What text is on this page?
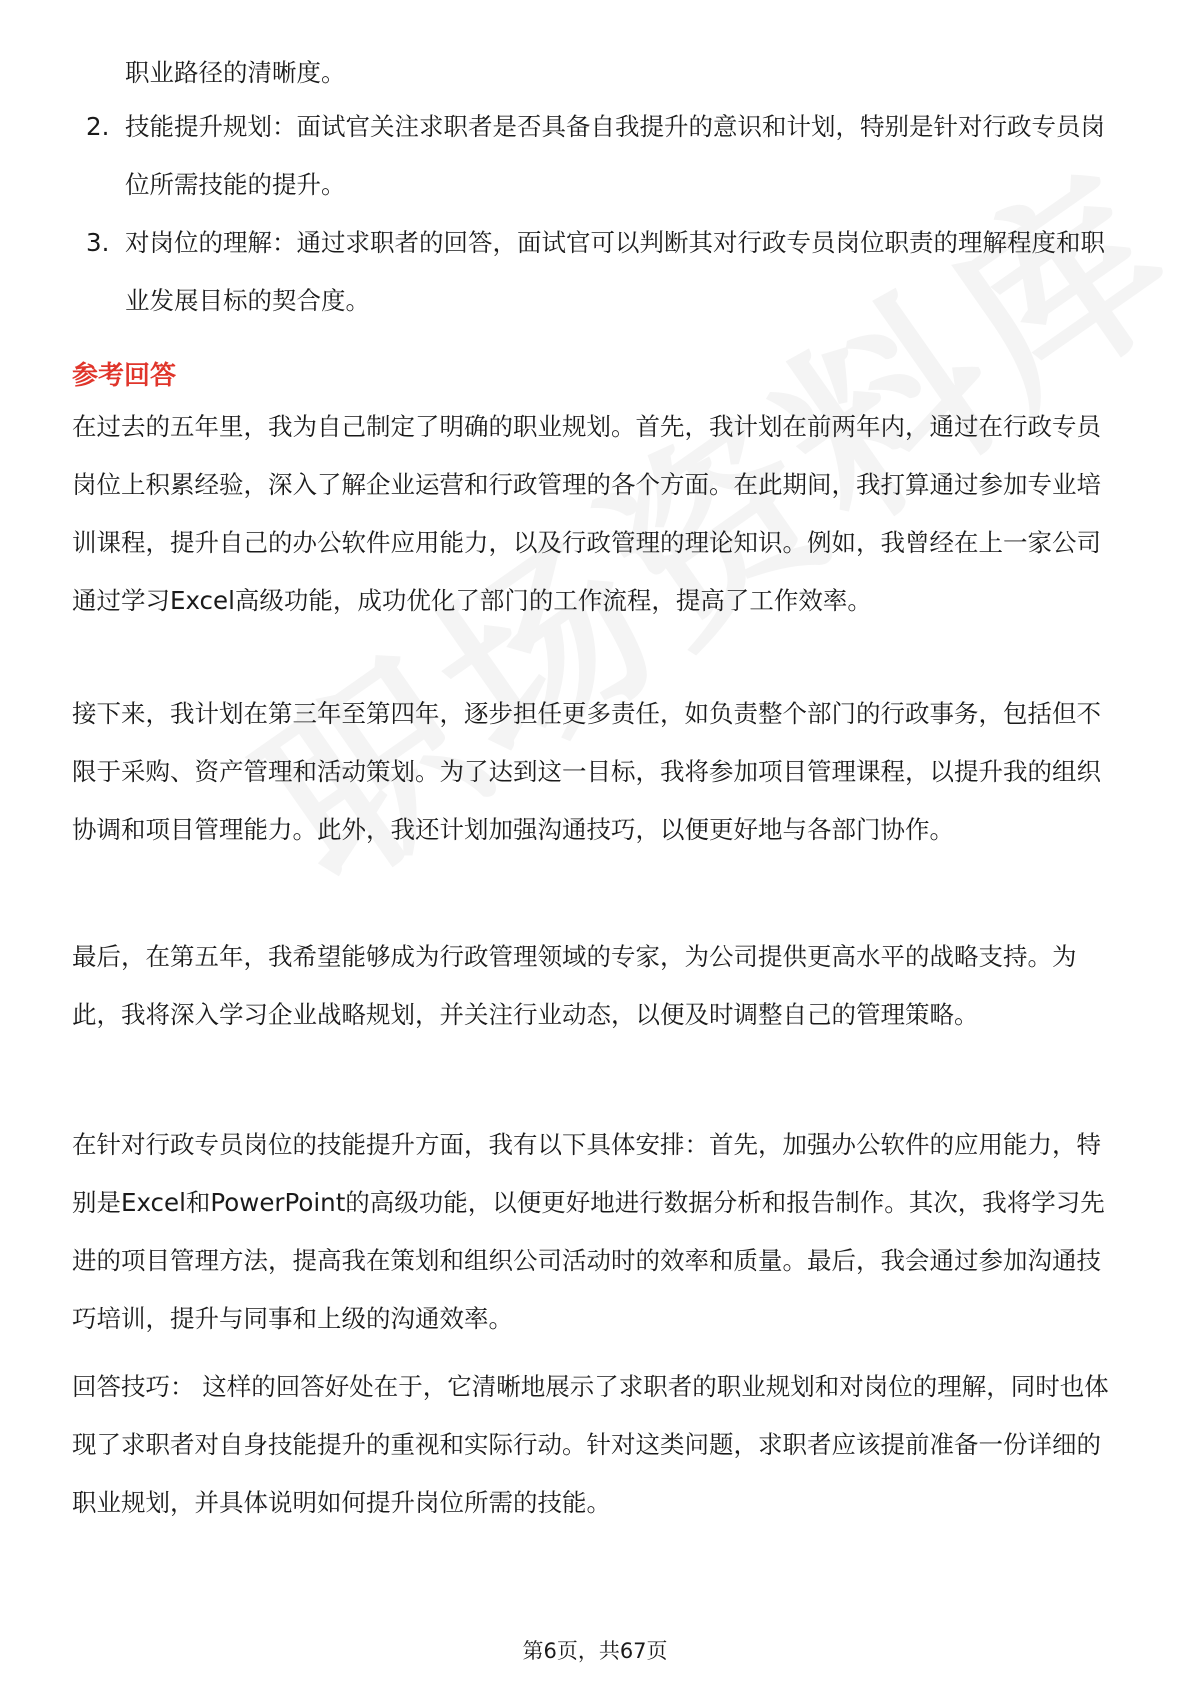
职业路径的清晰度。

2. 技能提升规划：面试官关注求职者是否具备自我提升的意识和计划，特别是针对行政专员岗位所需技能的提升。
3. 对岗位的理解：通过求职者的回答，面试官可以判断其对行政专员岗位职责的理解程度和职业发展目标的契合度。
参考回答

在过去的五年里，我为自己制定了明确的职业规划。首先，我计划在前两年内，通过在行政专员岗位上积累经验，深入了解企业运营和行政管理的各个方面。在此期间，我打算通过参加专业培训课程，提升自己的办公软件应用能力，以及行政管理的理论知识。例如，我曾经在上一家公司通过学习Excel高级功能，成功优化了部门的工作流程，提高了工作效率。

接下来，我计划在第三年至第四年，逐步担任更多责任，如负责整个部门的行政事务，包括但不限于采购、资产管理和活动策划。为了达到这一目标，我将参加项目管理课程，以提升我的组织协调和项目管理能力。此外，我还计划加强沟通技巧，以便更好地与各部门协作。

最后，在第五年，我希望能够成为行政管理领域的专家，为公司提供更高水平的战略支持。为此，我将深入学习企业战略规划，并关注行业动态，以便及时调整自己的管理策略。

在针对行政专员岗位的技能提升方面，我有以下具体安排：首先，加强办公软件的应用能力，特别是Excel和PowerPoint的高级功能，以便更好地进行数据分析和报告制作。其次，我将学习先进的项目管理方法，提高我在策划和组织公司活动时的效率和质量。最后，我会通过参加沟通技巧培训，提升与同事和上级的沟通效率。

回答技巧： 这样的回答好处在于，它清晰地展示了求职者的职业规划和对岗位的理解，同时也体现了求职者对自身技能提升的重视和实际行动。针对这类问题，求职者应该提前准备一份详细的职业规划，并具体说明如何提升岗位所需的技能。

第6页，共67页
